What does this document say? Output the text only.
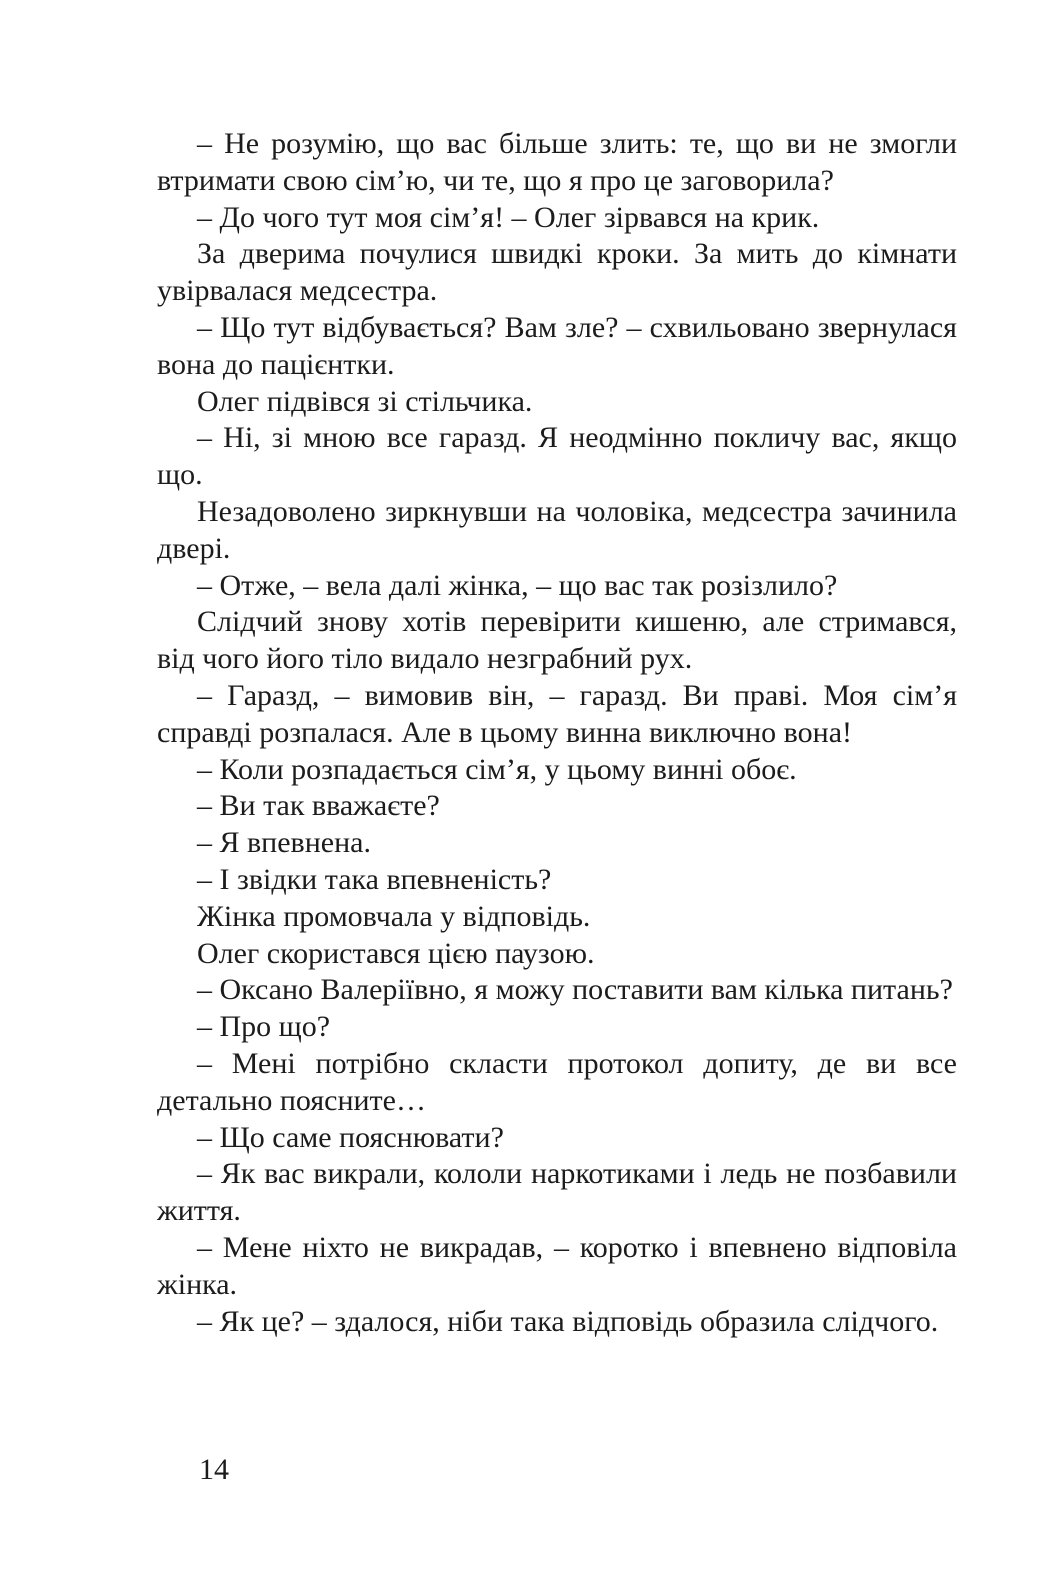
– Не розумію, що вас більше злить: те, що ви не змогли втримати свою сім’ю, чи те, що я про це заговорила?

– До чого тут моя сім’я! – Олег зірвався на крик.

За дверима почулися швидкі кроки. За мить до кімнати увірвалася медсестра.

– Що тут відбувається? Вам зле? – схвильовано звернулася вона до пацієнтки.

Олег підвівся зі стільчика.

– Ні, зі мною все гаразд. Я неодмінно покличу вас, якщо що.

Незадоволено зиркнувши на чоловіка, медсестра зачинила двері.

– Отже, – вела далі жінка, – що вас так розізлило?

Слідчий знову хотів перевірити кишеню, але стримався, від чого його тіло видало незграбний рух.

– Гаразд, – вимовив він, – гаразд. Ви праві. Моя сім’я справді розпалася. Але в цьому винна виключно вона!

– Коли розпадається сім’я, у цьому винні обоє.

– Ви так вважаєте?

– Я впевнена.

– І звідки така впевненість?

Жінка промовчала у відповідь.

Олег скористався цією паузою.

– Оксано Валеріївно, я можу поставити вам кілька питань?

– Про що?

– Мені потрібно скласти протокол допиту, де ви все детально поясните…

– Що саме пояснювати?

– Як вас викрали, кололи наркотиками і ледь не позбавили життя.

– Мене ніхто не викрадав, – коротко і впевнено відповіла жінка.

– Як це? – здалося, ніби така відповідь образила слідчого.

14
